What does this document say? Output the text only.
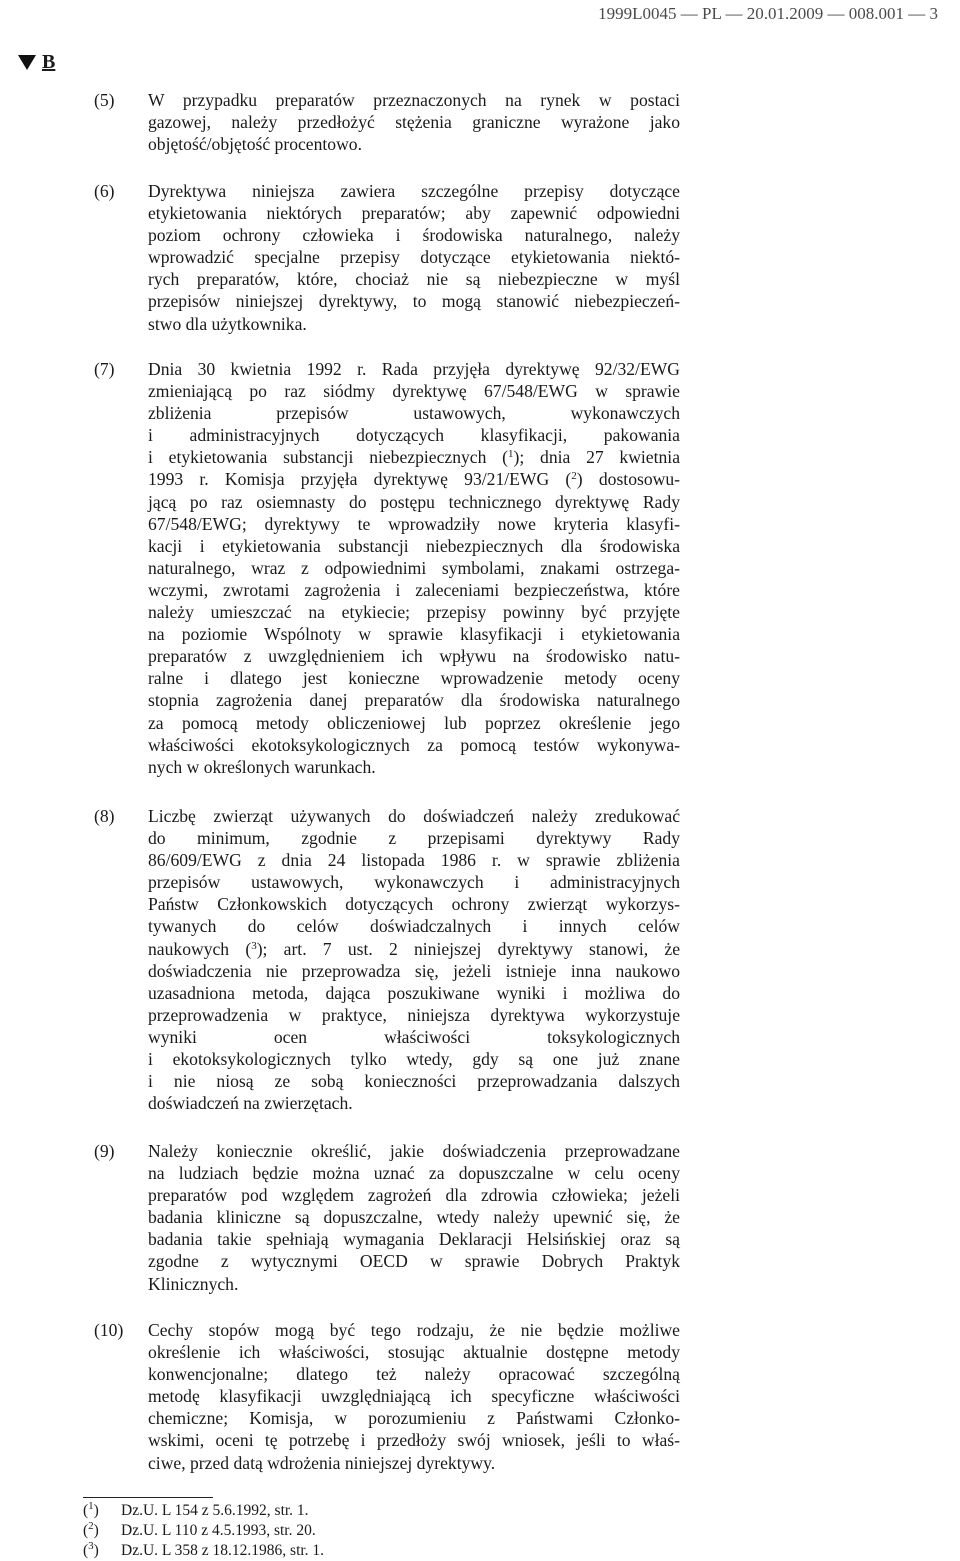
1999L0045 — PL — 20.01.2009 — 008.001 — 3
B
(5)	W przypadku preparatów przeznaczonych na rynek w postaci
gazowej, należy przedłożyć stężenia graniczne wyrażone jako
objętość/objętość procentowo.
(6)	Dyrektywa niniejsza zawiera szczególne przepisy dotyczące
etykietowania niektórych preparatów; aby zapewnić odpowiedni
poziom ochrony człowieka i środowiska naturalnego, należy
wprowadzić specjalne przepisy dotyczące etykietowania niektó-
rych preparatów, które, chociaż nie są niebezpieczne w myśl
przepisów niniejszej dyrektywy, to mogą stanowić niebezpieczeń-
stwo dla użytkownika.
(7)	Dnia 30 kwietnia 1992 r. Rada przyjęła dyrektywę 92/32/EWG
zmieniającą po raz siódmy dyrektywę 67/548/EWG w sprawie
zbliżenia przepisów ustawowych, wykonawczych
i administracyjnych dotyczących klasyfikacji, pakowania
i etykietowania substancji niebezpiecznych ($^1$); dnia 27 kwietnia
1993 r. Komisja przyjęła dyrektywę 93/21/EWG ($^2$) dostosowu-
jącą po raz osiemnasty do postępu technicznego dyrektywę Rady
67/548/EWG; dyrektywy te wprowadziły nowe kryteria klasyfi-
kacji i etykietowania substancji niebezpiecznych dla środowiska
naturalnego, wraz z odpowiednimi symbolami, znakami ostrzega-
wczymi, zwrotami zagrożenia i zaleceniami bezpieczeństwa, które
należy umieszczać na etykiecie; przepisy powinny być przyjęte
na poziomie Wspólnoty w sprawie klasyfikacji i etykietowania
preparatów z uwzględnieniem ich wpływu na środowisko natu-
ralne i dlatego jest konieczne wprowadzenie metody oceny
stopnia zagrożenia danej preparatów dla środowiska naturalnego
za pomocą metody obliczeniowej lub poprzez określenie jego
właściwości ekotoksykologicznych za pomocą testów wykonywa-
nych w określonych warunkach.
(8)	Liczbę zwierząt używanych do doświadczeń należy zredukować
do minimum, zgodnie z przepisami dyrektywy Rady
86/609/EWG z dnia 24 listopada 1986 r. w sprawie zbliżenia
przepisów ustawowych, wykonawczych i administracyjnych
Państw Członkowskich dotyczących ochrony zwierząt wykorzys-
tywanych do celów doświadczalnych i innych celów
naukowych ($^3$); art. 7 ust. 2 niniejszej dyrektywy stanowi, że
doświadczenia nie przeprowadza się, jeżeli istnieje inna naukowo
uzasadniona metoda, dająca poszukiwane wyniki i możliwa do
przeprowadzenia w praktyce, niniejsza dyrektywa wykorzystuje
wyniki ocen właściwości toksykologicznych
i ekotoksykologicznych tylko wtedy, gdy są one już znane
i nie niosą ze sobą konieczności przeprowadzania dalszych
doświadczeń na zwierzętach.
(9)	Należy koniecznie określić, jakie doświadczenia przeprowadzane
na ludziach będzie można uznać za dopuszczalne w celu oceny
preparatów pod względem zagrożeń dla zdrowia człowieka; jeżeli
badania kliniczne są dopuszczalne, wtedy należy upewnić się, że
badania takie spełniają wymagania Deklaracji Helsińskiej oraz są
zgodne z wytycznymi OECD w sprawie Dobrych Praktyk
Klinicznych.
(10)	Cechy stopów mogą być tego rodzaju, że nie będzie możliwe
określenie ich właściwości, stosując aktualnie dostępne metody
konwencjonalne; dlatego też należy opracować szczególną
metodę klasyfikacji uwzględniającą ich specyficzne właściwości
chemiczne; Komisja, w porozumieniu z Państwami Członko-
wskimi, oceni tę potrzebę i przedłoży swój wniosek, jeśli to właś-
ciwe, przed datą wdrożenia niniejszej dyrektywy.
($^1$)	Dz.U. L 154 z 5.6.1992, str. 1.
($^2$)	Dz.U. L 110 z 4.5.1993, str. 20.
($^3$)	Dz.U. L 358 z 18.12.1986, str. 1.
